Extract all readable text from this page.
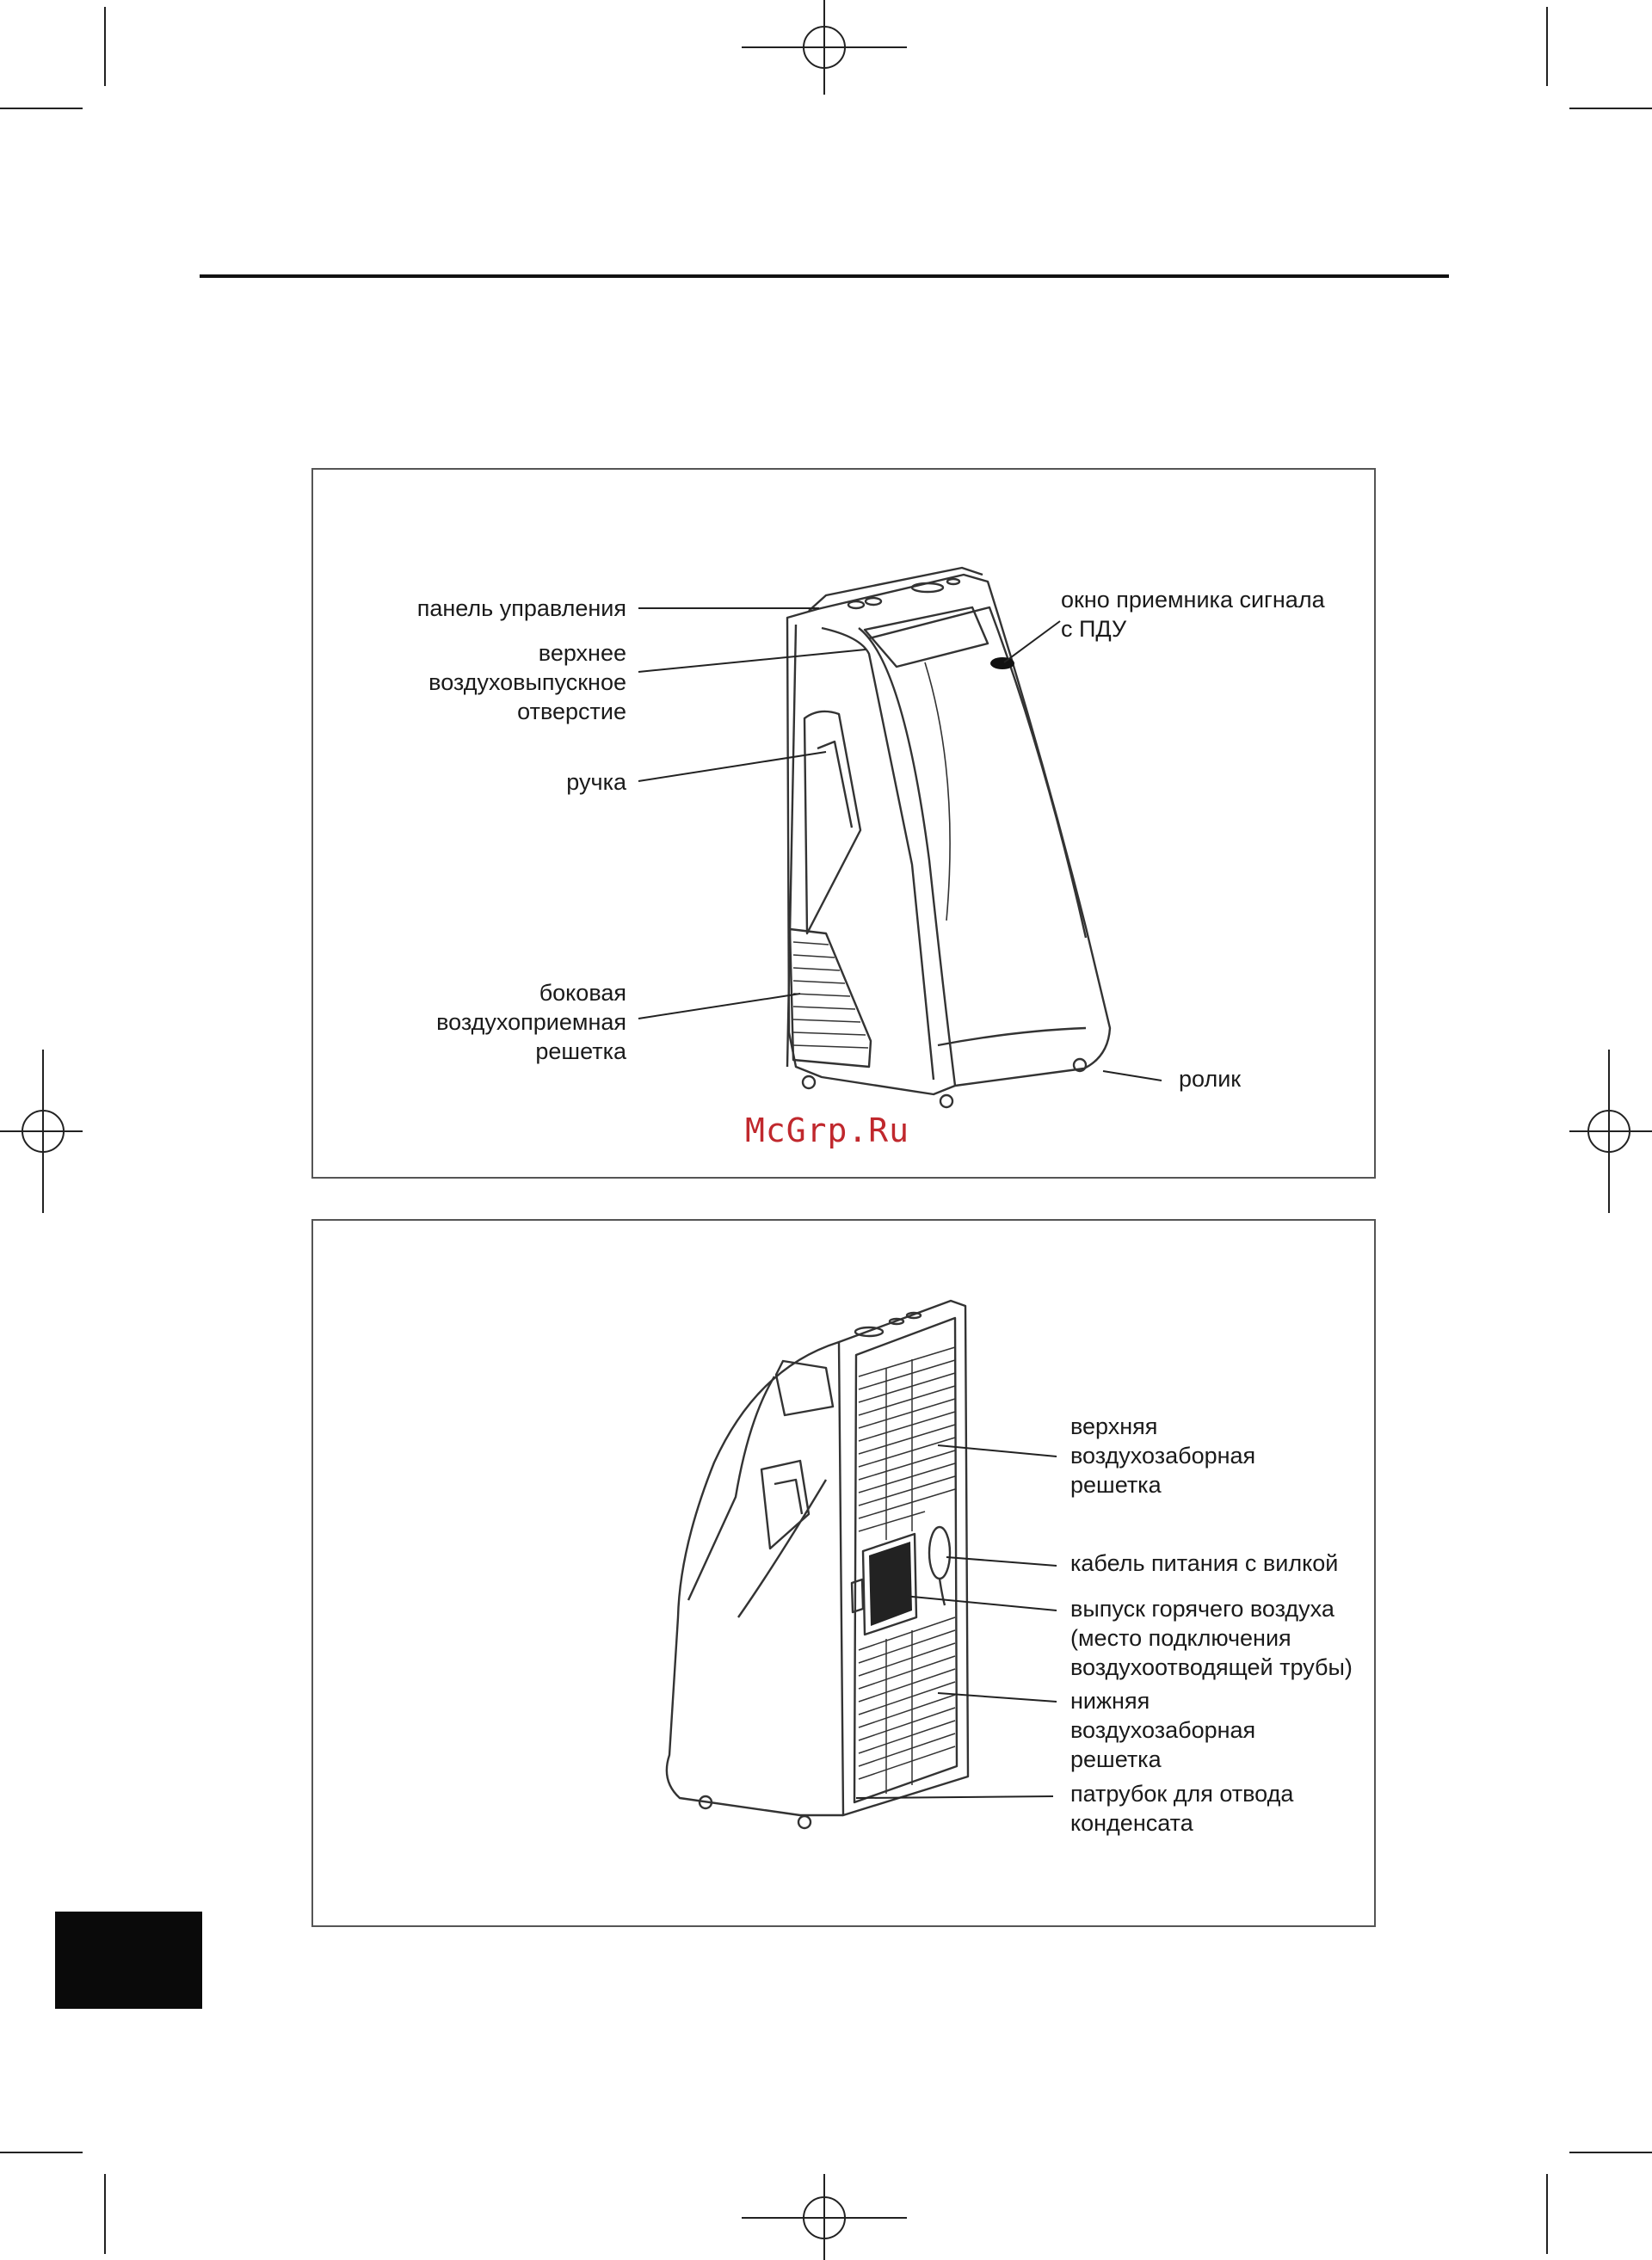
панель управления
верхнее
воздуховыпускное
отверстие
ручка
боковая
воздухоприемная
решетка
окно приемника сигнала
с ПДУ
ролик
McGrp.Ru
верхняя
воздухозаборная
решетка
кабель питания с вилкой
выпуск горячего воздуха
(место подключения
воздухоотводящей трубы)
нижняя
воздухозаборная
решетка
патрубок для отвода
конденсата
